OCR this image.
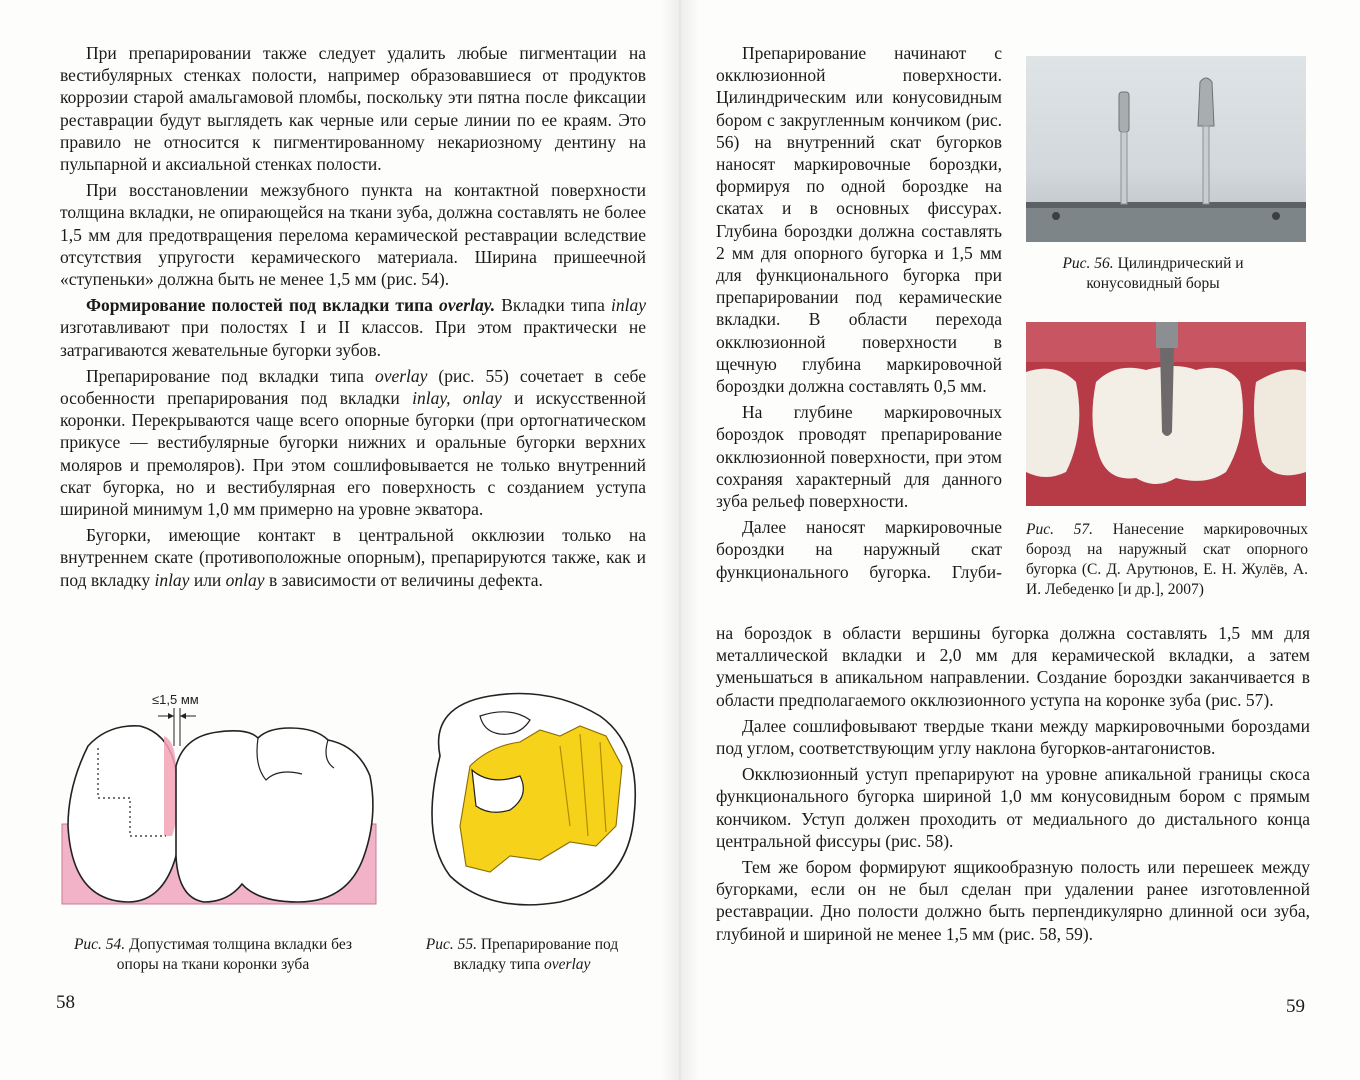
При препарировании также следует удалить любые пигментации на вестибулярных стенках полости, например образовавшиеся от продуктов коррозии старой амальгамовой пломбы, поскольку эти пятна после фиксации реставрации будут выглядеть как черные или серые линии по ее краям. Это правило не относится к пигментированному некариозному дентину на пульпарной и аксиальной стенках полости.

При восстановлении межзубного пункта на контактной поверхности толщина вкладки, не опирающейся на ткани зуба, должна составлять не более 1,5 мм для предотвращения перелома керамической реставрации вследствие отсутствия упругости керамического материала. Ширина пришеечной «ступеньки» должна быть не менее 1,5 мм (рис. 54).

Формирование полостей под вкладки типа overlay. Вкладки типа inlay изготавливают при полостях I и II классов. При этом практически не затрагиваются жевательные бугорки зубов.

Препарирование под вкладки типа overlay (рис. 55) сочетает в себе особенности препарирования под вкладки inlay, onlay и искусственной коронки. Перекрываются чаще всего опорные бугорки (при ортогнатическом прикусе — вестибулярные бугорки нижних и оральные бугорки верхних моляров и премоляров). При этом сошлифовывается не только внутренний скат бугорка, но и вестибулярная его поверхность с созданием уступа шириной минимум 1,0 мм примерно на уровне экватора.

Бугорки, имеющие контакт в центральной окклюзии только на внутреннем скате (противоположные опорным), препарируются также, как и под вкладку inlay или onlay в зависимости от величины дефекта.

≤1,5 мм
Рис. 54. Допустимая толщина вкладки без опоры на ткани коронки зуба
Рис. 55. Препарирование под вкладку типа overlay
58

Препарирование начинают с окклюзионной поверхности. Цилиндрическим или конусовидным бором с закругленным кончиком (рис. 56) на внутренний скат бугорков наносят маркировочные бороздки, формируя по одной бороздке на скатах и в основных фиссурах. Глубина бороздки должна составлять 2 мм для опорного бугорка и 1,5 мм для функционального бугорка при препарировании под керамические вкладки. В области перехода окклюзионной поверхности в щечную глубина маркировочной бороздки должна составлять 0,5 мм.

На глубине маркировочных бороздок проводят препарирование окклюзионной поверхности, при этом сохраняя характерный для данного зуба рельеф поверхности.

Далее наносят маркировочные бороздки на наружный скат функционального бугорка. Глуби-

на бороздок в области вершины бугорка должна составлять 1,5 мм для металлической вкладки и 2,0 мм для керамической вкладки, а затем уменьшаться в апикальном направлении. Создание бороздки заканчивается в области предполагаемого окклюзионного уступа на коронке зуба (рис. 57).

Далее сошлифовывают твердые ткани между маркировочными бороздами под углом, соответствующим углу наклона бугорков-антагонистов.

Окклюзионный уступ препарируют на уровне апикальной границы скоса функционального бугорка шириной 1,0 мм конусовидным бором с прямым кончиком. Уступ должен проходить от медиального до дистального конца центральной фиссуры (рис. 58).

Тем же бором формируют ящикообразную полость или перешеек между бугорками, если он не был сделан при удалении ранее изготовленной реставрации. Дно полости должно быть перпендикулярно длинной оси зуба, глубиной и шириной не менее 1,5 мм (рис. 58, 59).

Рис. 56. Цилиндрический и конусовидный боры
Рис. 57. Нанесение маркировочных борозд на наружный скат опорного бугорка (С. Д. Арутюнов, Е. Н. Жулёв, А. И. Лебеденко [и др.], 2007)
59
